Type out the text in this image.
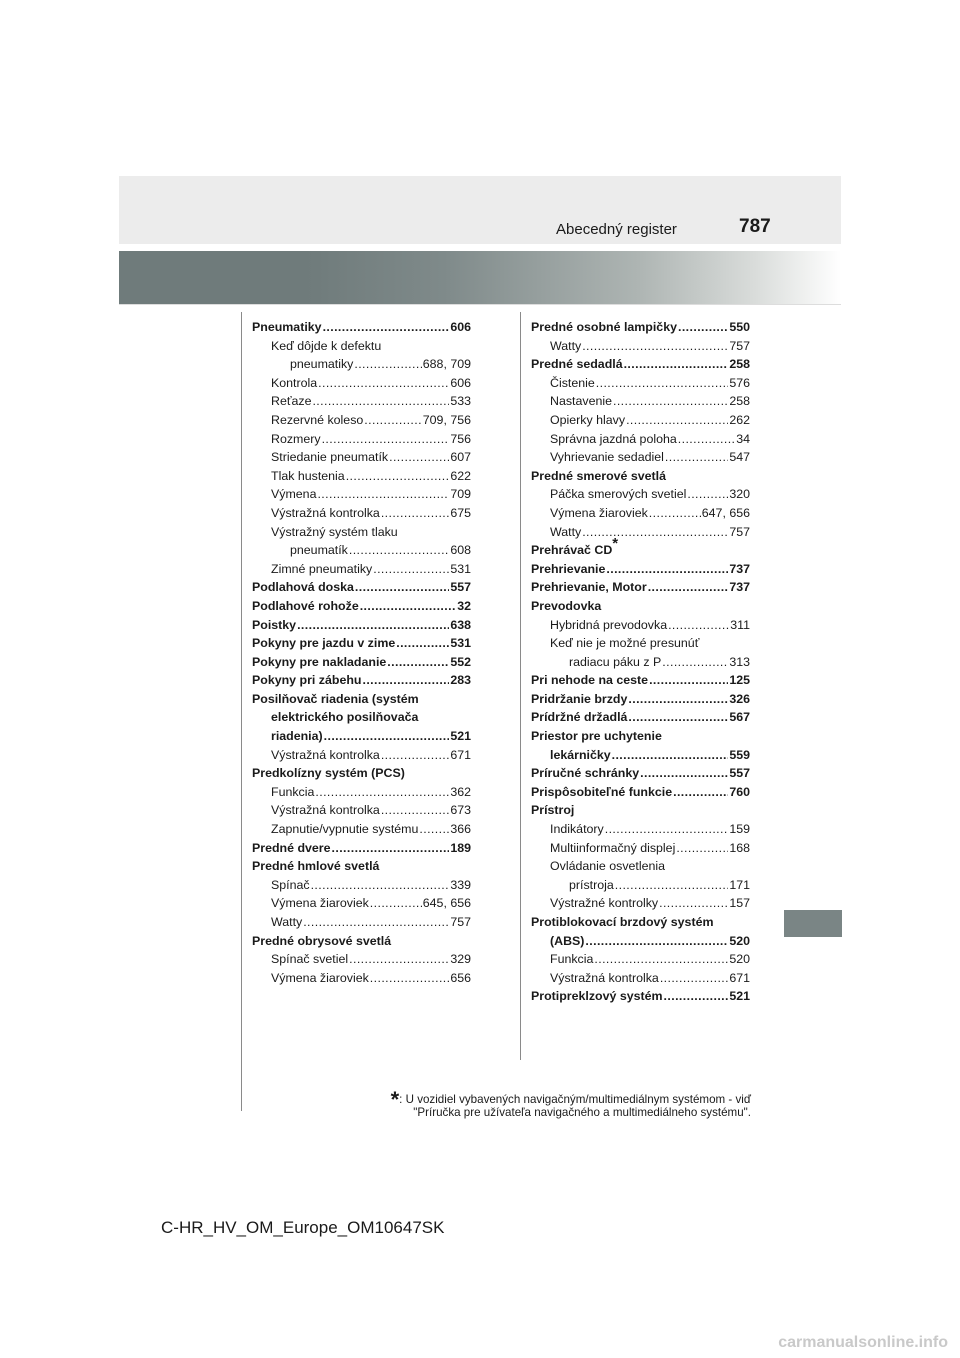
Abecedný register	787
Pneumatiky .....	606
Keď dôjde k defektu
pneumatiky .....	688, 709
Kontrola .....	606
Reťaze .....	533
Rezervné koleso .....	709, 756
Rozmery .....	756
Striedanie pneumatík .....	607
Tlak hustenia .....	622
Výmena .....	709
Výstražná kontrolka .....	675
Výstražný systém tlaku
pneumatík .....	608
Zimné pneumatiky .....	531
Podlahová doska .....	557
Podlahové rohože .....	32
Poistky .....	638
Pokyny pre jazdu v zime .....	531
Pokyny pre nakladanie .....	552
Pokyny pri zábehu .....	283
Posilňovač riadenia (systém
elektrického posilňovača
riadenia) .....	521
Výstražná kontrolka .....	671
Predkolízny systém (PCS)
Funkcia .....	362
Výstražná kontrolka .....	673
Zapnutie/vypnutie systému .....	366
Predné dvere .....	189
Predné hmlové svetlá
Spínač .....	339
Výmena žiaroviek .....	645, 656
Watty .....	757
Predné obrysové svetlá
Spínač svetiel .....	329
Výmena žiaroviek .....	656
Predné osobné lampičky .....	550
Watty .....	757
Predné sedadlá .....	258
Čistenie .....	576
Nastavenie .....	258
Opierky hlavy .....	262
Správna jazdná poloha .....	34
Vyhrievanie sedadiel .....	547
Predné smerové svetlá
Páčka smerových svetiel .....	320
Výmena žiaroviek .....	647, 656
Watty .....	757
Prehrávač CD*
Prehrievanie .....	737
Prehrievanie, Motor .....	737
Prevodovka
Hybridná prevodovka .....	311
Keď nie je možné presunúť
radiacu páku z P .....	313
Pri nehode na ceste .....	125
Pridržanie brzdy .....	326
Prídržné držadlá .....	567
Priestor pre uchytenie
lekárničky .....	559
Príručné schránky .....	557
Prispôsobiteľné funkcie .....	760
Prístroj
Indikátory .....	159
Multiinformačný displej .....	168
Ovládanie osvetlenia
prístroja .....	171
Výstražné kontrolky .....	157
Protiblokovací brzdový systém
(ABS) .....	520
Funkcia .....	520
Výstražná kontrolka .....	671
Protipreklzový systém .....	521
*: U vozidiel vybavených navigačným/multimediálnym systémom - viď
"Príručka pre užívateľa navigačného a multimediálneho systému".
C-HR_HV_OM_Europe_OM10647SK
carmanualsonline.info
